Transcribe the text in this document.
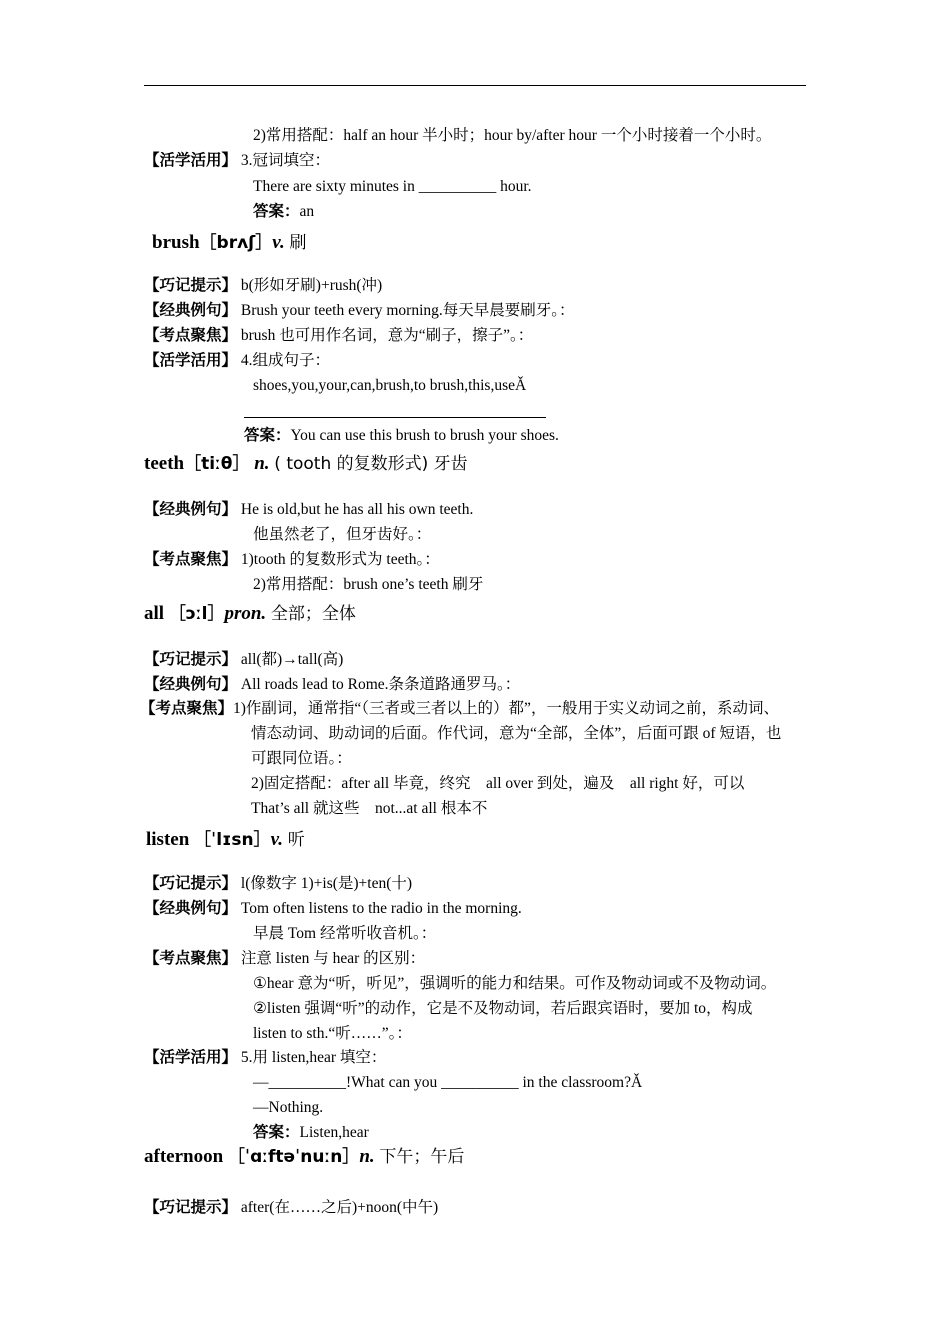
2)常用搭配：half an hour 半小时；hour by/after hour 一个小时接着一个小时。
【活学活用】 3.冠词填空：
There are sixty minutes in __________ hour.
答案：an
brush［brʌʃ］v. 刷
【巧记提示】 b(形如牙刷)+rush(冲)
【经典例句】 Brush your teeth every morning.每天早晨要刷牙。：
【考点聚焦】 brush 也可用作名词，意为“刷子，擦子”。：
【活学活用】 4.组成句子：
shoes,you,your,can,brush,to brush,this,useǍ
答案：You can use this brush to brush your shoes.
teeth［tiːθ］ n. ( tooth 的复数形式) 牙齿
【经典例句】 He is old,but he has all his own teeth.
他虽然老了，但牙齿好。：
【考点聚焦】 1)tooth 的复数形式为 teeth。：
2)常用搭配：brush one’s teeth 刷牙
all ［ɔːl］pron. 全部；全体
【巧记提示】 all(都)→tall(高)
【经典例句】 All roads lead to Rome.条条道路通罗马。：
【考点聚焦】1)作副词，通常指“（三者或三者以上的）都”，一般用于实义动词之前，系动词、
情态动词、助动词的后面。作代词，意为“全部，全体”，后面可跟 of 短语，也
可跟同位语。：
2)固定搭配：after all 毕竟，终究　all over 到处，遍及　all right 好，可以
That’s all 就这些　not...at all 根本不
listen ［ˈlɪsn］v. 听
【巧记提示】 l(像数字 1)+is(是)+ten(十)
【经典例句】 Tom often listens to the radio in the morning.
早晨 Tom 经常听收音机。：
【考点聚焦】 注意 listen 与 hear 的区别：
①hear 意为“听，听见”，强调听的能力和结果。可作及物动词或不及物动词。
②listen 强调“听”的动作，它是不及物动词，若后跟宾语时，要加 to，构成
listen to sth.“听……”。：
【活学活用】 5.用 listen,hear 填空：
—__________!What can you __________ in the classroom?Ǎ
—Nothing.
答案：Listen,hear
afternoon ［ˈɑːftəˈnuːn］n. 下午；午后
【巧记提示】 after(在……之后)+noon(中午)
